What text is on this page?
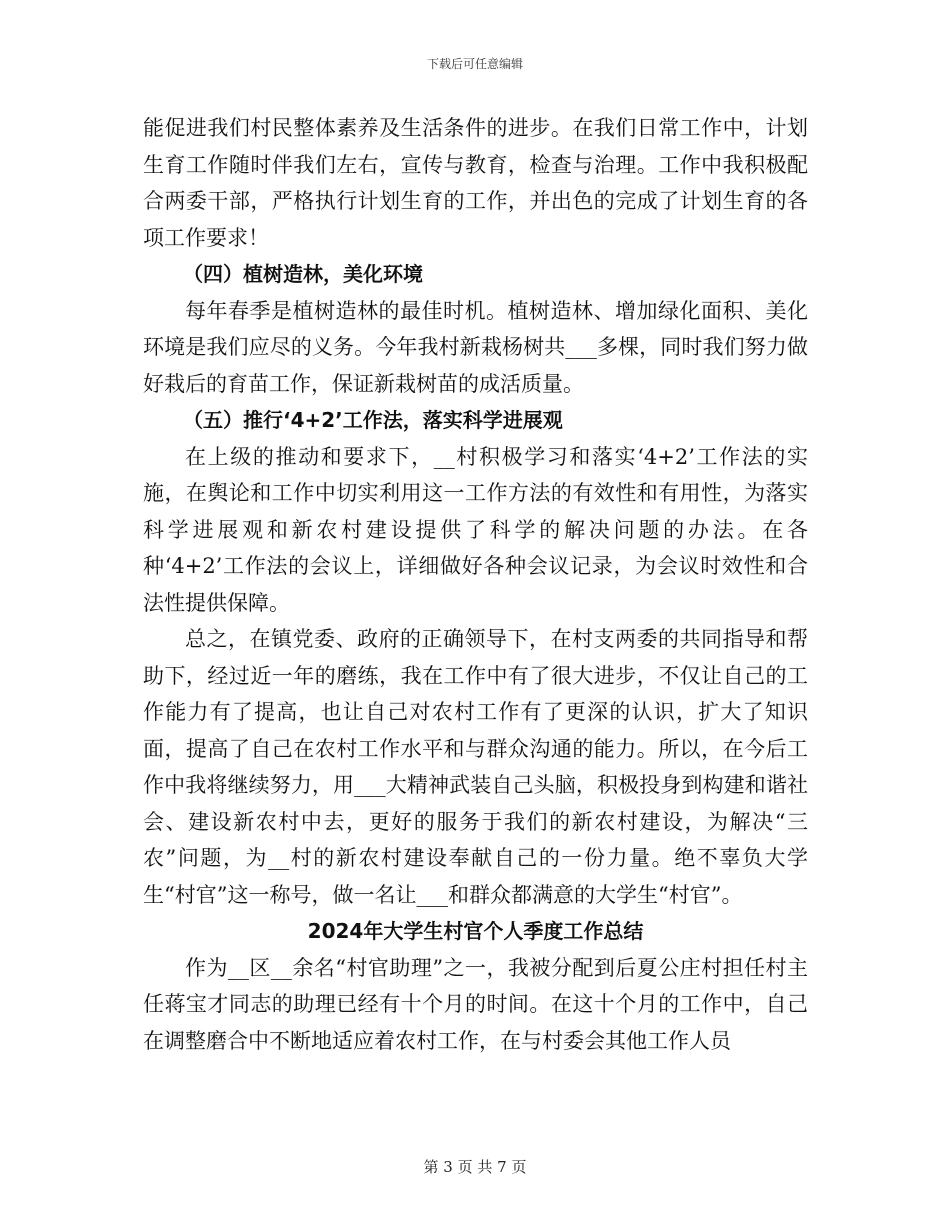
下载后可任意编辑

能促进我们村民整体素养及生活条件的进步。在我们日常工作中，计划生育工作随时伴我们左右，宣传与教育，检查与治理。工作中我积极配合两委干部，严格执行计划生育的工作，并出色的完成了计划生育的各项工作要求！

（四）植树造林，美化环境

每年春季是植树造林的最佳时机。植树造林、增加绿化面积、美化环境是我们应尽的义务。今年我村新栽杨树共___多棵，同时我们努力做好栽后的育苗工作，保证新栽树苗的成活质量。

（五）推行‘4+2’工作法，落实科学进展观

在上级的推动和要求下，__村积极学习和落实‘4+2’工作法的实施，在舆论和工作中切实利用这一工作方法的有效性和有用性，为落实科学进展观和新农村建设提供了科学的解决问题的办法。在各种‘4+2’工作法的会议上，详细做好各种会议记录，为会议时效性和合法性提供保障。

总之，在镇党委、政府的正确领导下，在村支两委的共同指导和帮助下，经过近一年的磨练，我在工作中有了很大进步，不仅让自己的工作能力有了提高，也让自己对农村工作有了更深的认识，扩大了知识面，提高了自己在农村工作水平和与群众沟通的能力。所以，在今后工作中我将继续努力，用___大精神武装自己头脑，积极投身到构建和谐社会、建设新农村中去，更好的服务于我们的新农村建设，为解决“三农”问题，为__村的新农村建设奉献自己的一份力量。绝不辜负大学生“村官”这一称号，做一名让___和群众都满意的大学生“村官”。

2024年大学生村官个人季度工作总结

作为__区__余名“村官助理”之一，我被分配到后夏公庄村担任村主任蒋宝才同志的助理已经有十个月的时间。在这十个月的工作中，自己在调整磨合中不断地适应着农村工作，在与村委会其他工作人员

第 3 页 共 7 页
